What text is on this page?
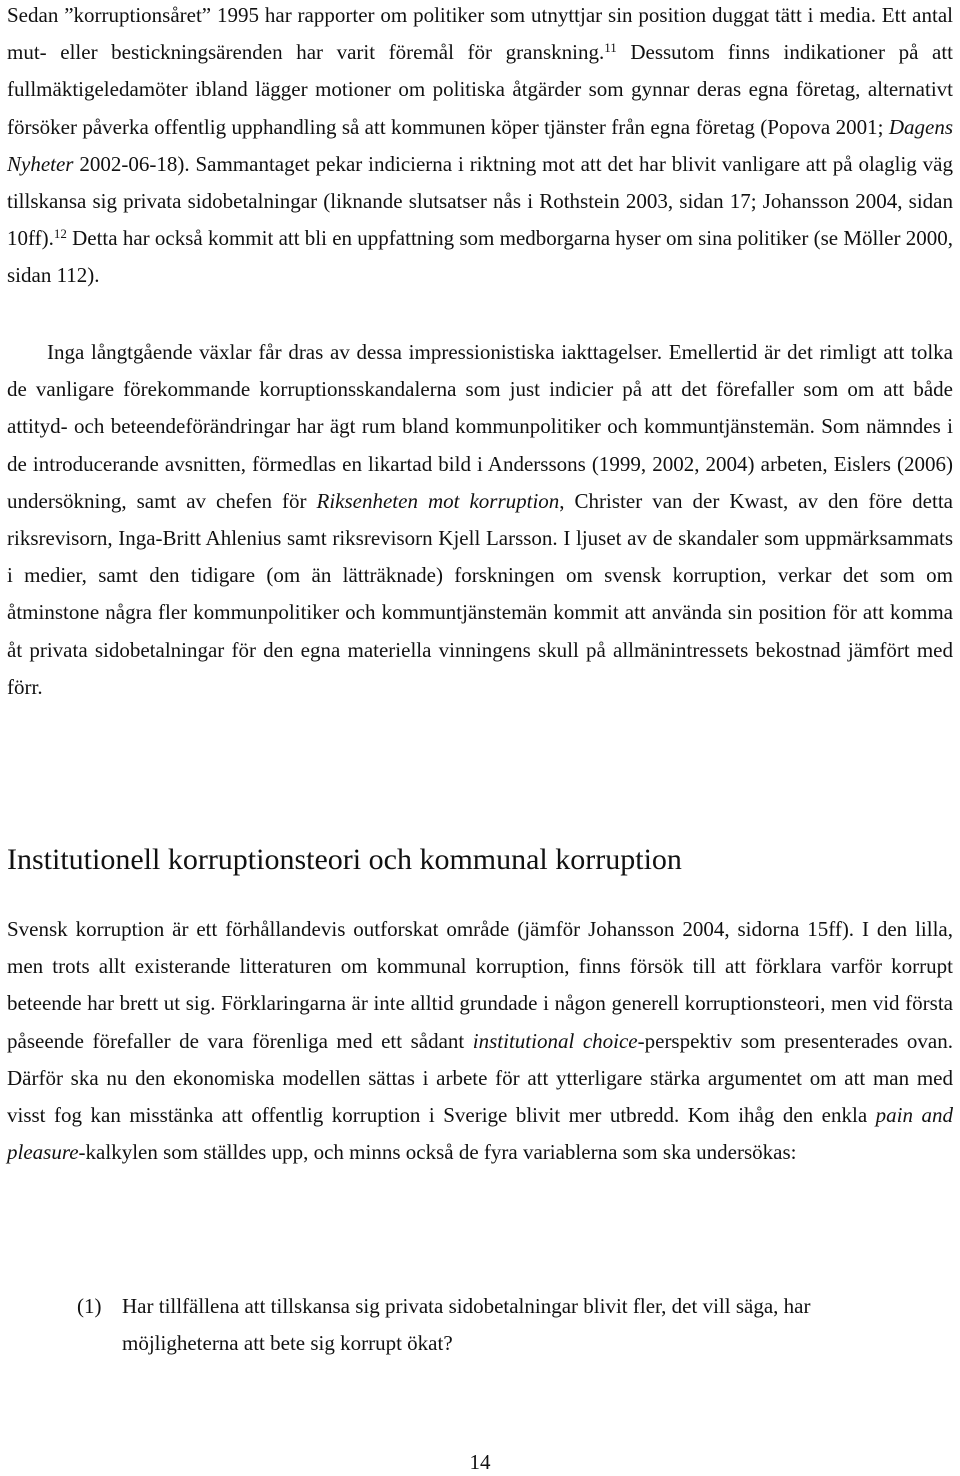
Sedan ”korruptionsåret” 1995 har rapporter om politiker som utnyttjar sin position duggat tätt i media. Ett antal mut- eller bestickningsärenden har varit föremål för granskning.$^{11}$ Dessutom finns indikationer på att fullmäktigeledamöter ibland lägger motioner om politiska åtgärder som gynnar deras egna företag, alternativt försöker påverka offentlig upphandling så att kommunen köper tjänster från egna företag (Popova 2001; Dagens Nyheter 2002-06-18). Sammantaget pekar indicierna i riktning mot att det har blivit vanligare att på olaglig väg tillskansa sig privata sidobetalningar (liknande slutsatser nås i Rothstein 2003, sidan 17; Johansson 2004, sidan 10ff).$^{12}$ Detta har också kommit att bli en uppfattning som medborgarna hyser om sina politiker (se Möller 2000, sidan 112).

Inga långtgående växlar får dras av dessa impressionistiska iakttagelser. Emellertid är det rimligt att tolka de vanligare förekommande korruptionsskandalerna som just indicier på att det förefaller som om att både attityd- och beteendeförändringar har ägt rum bland kommunpolitiker och kommuntjänstemän. Som nämndes i de introducerande avsnitten, förmedlas en likartad bild i Anderssons (1999, 2002, 2004) arbeten, Eislers (2006) undersökning, samt av chefen för Riksenheten mot korruption, Christer van der Kwast, av den före detta riksrevisorn, Inga-Britt Ahlenius samt riksrevisorn Kjell Larsson. I ljuset av de skandaler som uppmärksammats i medier, samt den tidigare (om än lätträknade) forskningen om svensk korruption, verkar det som om åtminstone några fler kommunpolitiker och kommuntjänstemän kommit att använda sin position för att komma åt privata sidobetalningar för den egna materiella vinningens skull på allmänintressets bekostnad jämfört med förr.

Institutionell korruptionsteori och kommunal korruption

Svensk korruption är ett förhållandevis outforskat område (jämför Johansson 2004, sidorna 15ff). I den lilla, men trots allt existerande litteraturen om kommunal korruption, finns försök till att förklara varför korrupt beteende har brett ut sig. Förklaringarna är inte alltid grundade i någon generell korruptionsteori, men vid första påseende förefaller de vara förenliga med ett sådant institutional choice-perspektiv som presenterades ovan. Därför ska nu den ekonomiska modellen sättas i arbete för att ytterligare stärka argumentet om att man med visst fog kan misstänka att offentlig korruption i Sverige blivit mer utbredd. Kom ihåg den enkla pain and pleasure-kalkylen som ställdes upp, och minns också de fyra variablerna som ska undersökas:

(1) Har tillfällena att tillskansa sig privata sidobetalningar blivit fler, det vill säga, har möjligheterna att bete sig korrupt ökat?
14
